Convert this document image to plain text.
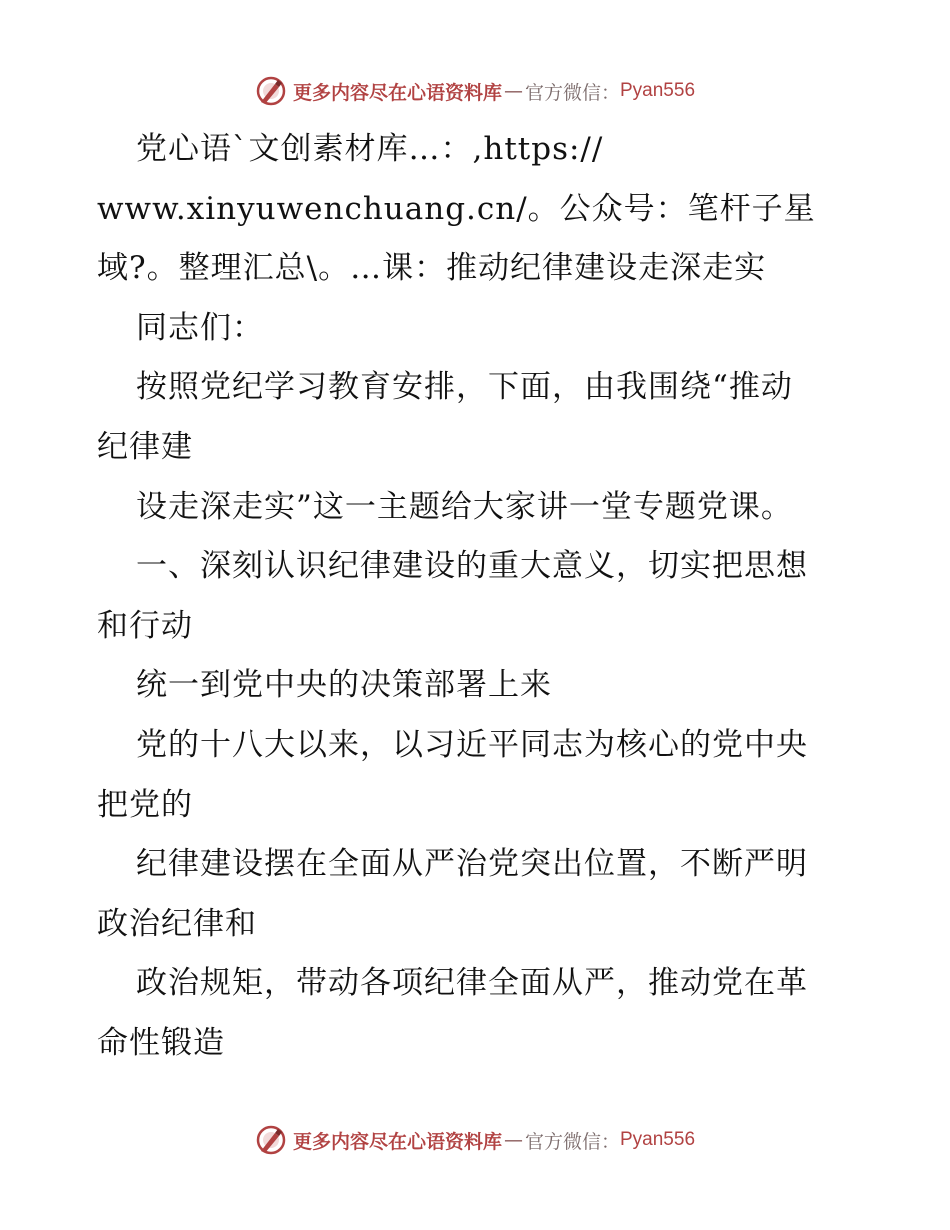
更多内容尽在心语资料库 — 官方微信： Pyan556
党心语`文创素材库…：,https://
www.xinyuwenchuang.cn/。公众号：笔杆子星
域?。整理汇总\。…课：推动纪律建设走深走实
同志们：
按照党纪学习教育安排，下面，由我围绕“推动
纪律建
设走深走实”这一主题给大家讲一堂专题党课。
一、深刻认识纪律建设的重大意义，切实把思想
和行动
统一到党中央的决策部署上来
党的十八大以来，以习近平同志为核心的党中央
把党的
纪律建设摆在全面从严治党突出位置，不断严明
政治纪律和
政治规矩，带动各项纪律全面从严，推动党在革
命性锻造
更多内容尽在心语资料库 — 官方微信： Pyan556
